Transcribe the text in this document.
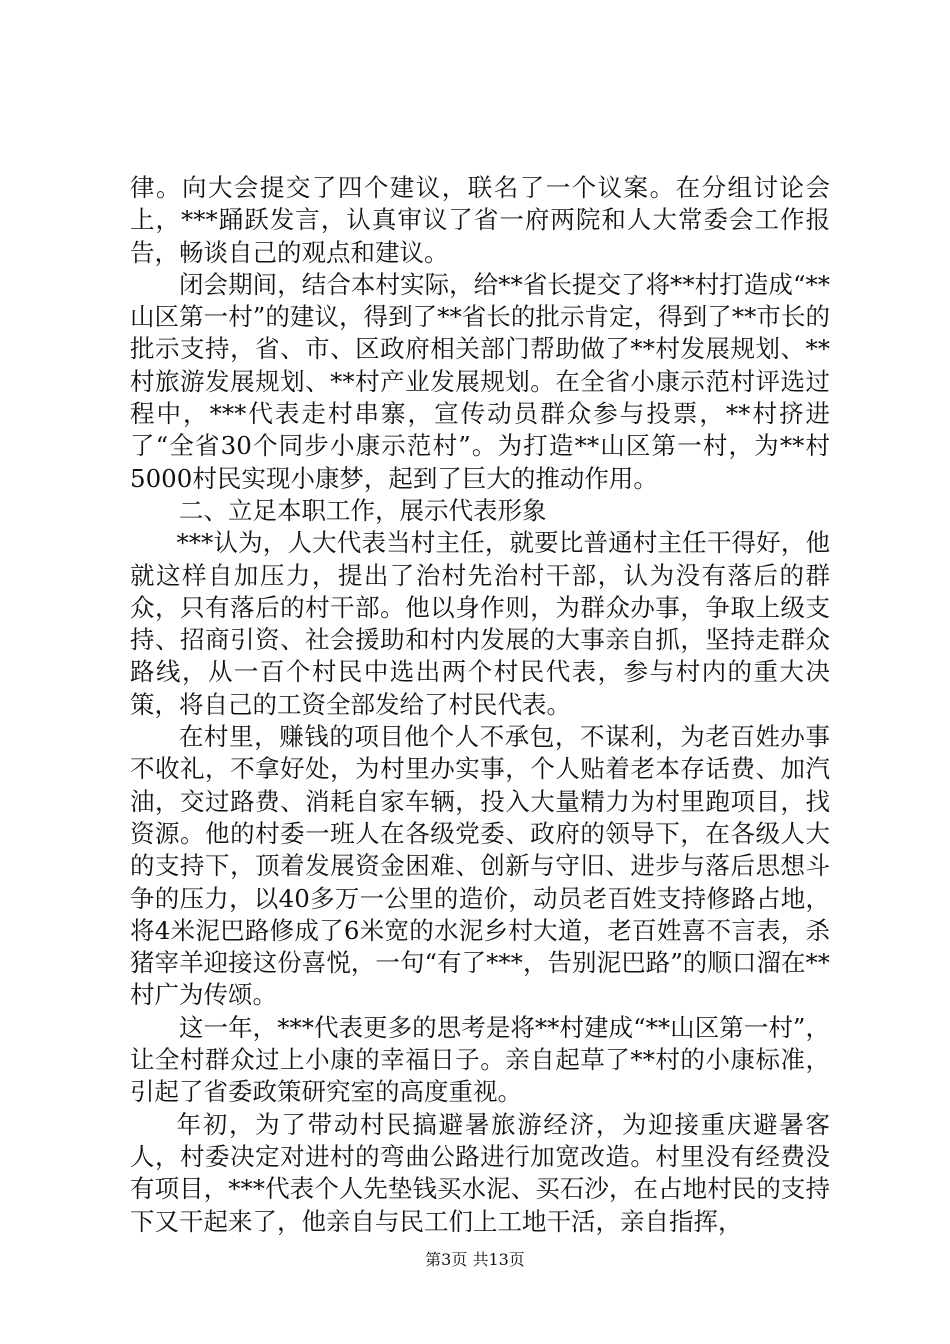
律。向大会提交了四个建议，联名了一个议案。在分组讨论会上，***踊跃发言，认真审议了省一府两院和人大常委会工作报告，畅谈自己的观点和建议。

闭会期间，结合本村实际，给**省长提交了将**村打造成“**山区第一村”的建议，得到了**省长的批示肯定，得到了**市长的批示支持，省、市、区政府相关部门帮助做了**村发展规划、**村旅游发展规划、**村产业发展规划。在全省小康示范村评选过程中，***代表走村串寨，宣传动员群众参与投票，**村挤进了“全省30个同步小康示范村”。为打造**山区第一村，为**村5000村民实现小康梦，起到了巨大的推动作用。

二、立足本职工作，展示代表形象

***认为，人大代表当村主任，就要比普通村主任干得好，他就这样自加压力，提出了治村先治村干部，认为没有落后的群众，只有落后的村干部。他以身作则，为群众办事，争取上级支持、招商引资、社会援助和村内发展的大事亲自抓，坚持走群众路线，从一百个村民中选出两个村民代表，参与村内的重大决策，将自己的工资全部发给了村民代表。

在村里，赚钱的项目他个人不承包，不谋利，为老百姓办事不收礼，不拿好处，为村里办实事，个人贴着老本存话费、加汽油，交过路费、消耗自家车辆，投入大量精力为村里跑项目，找资源。他的村委一班人在各级党委、政府的领导下，在各级人大的支持下，顶着发展资金困难、创新与守旧、进步与落后思想斗争的压力，以40多万一公里的造价，动员老百姓支持修路占地，将4米泥巴路修成了6米宽的水泥乡村大道，老百姓喜不言表，杀猪宰羊迎接这份喜悦，一句“有了***，告别泥巴路”的顺口溜在**村广为传颂。

这一年，***代表更多的思考是将**村建成“**山区第一村”，让全村群众过上小康的幸福日子。亲自起草了**村的小康标准，引起了省委政策研究室的高度重视。

年初，为了带动村民搞避暑旅游经济，为迎接重庆避暑客人，村委决定对进村的弯曲公路进行加宽改造。村里没有经费没有项目，***代表个人先垫钱买水泥、买石沙，在占地村民的支持下又干起来了，他亲自与民工们上工地干活，亲自指挥，

第3页 共13页
